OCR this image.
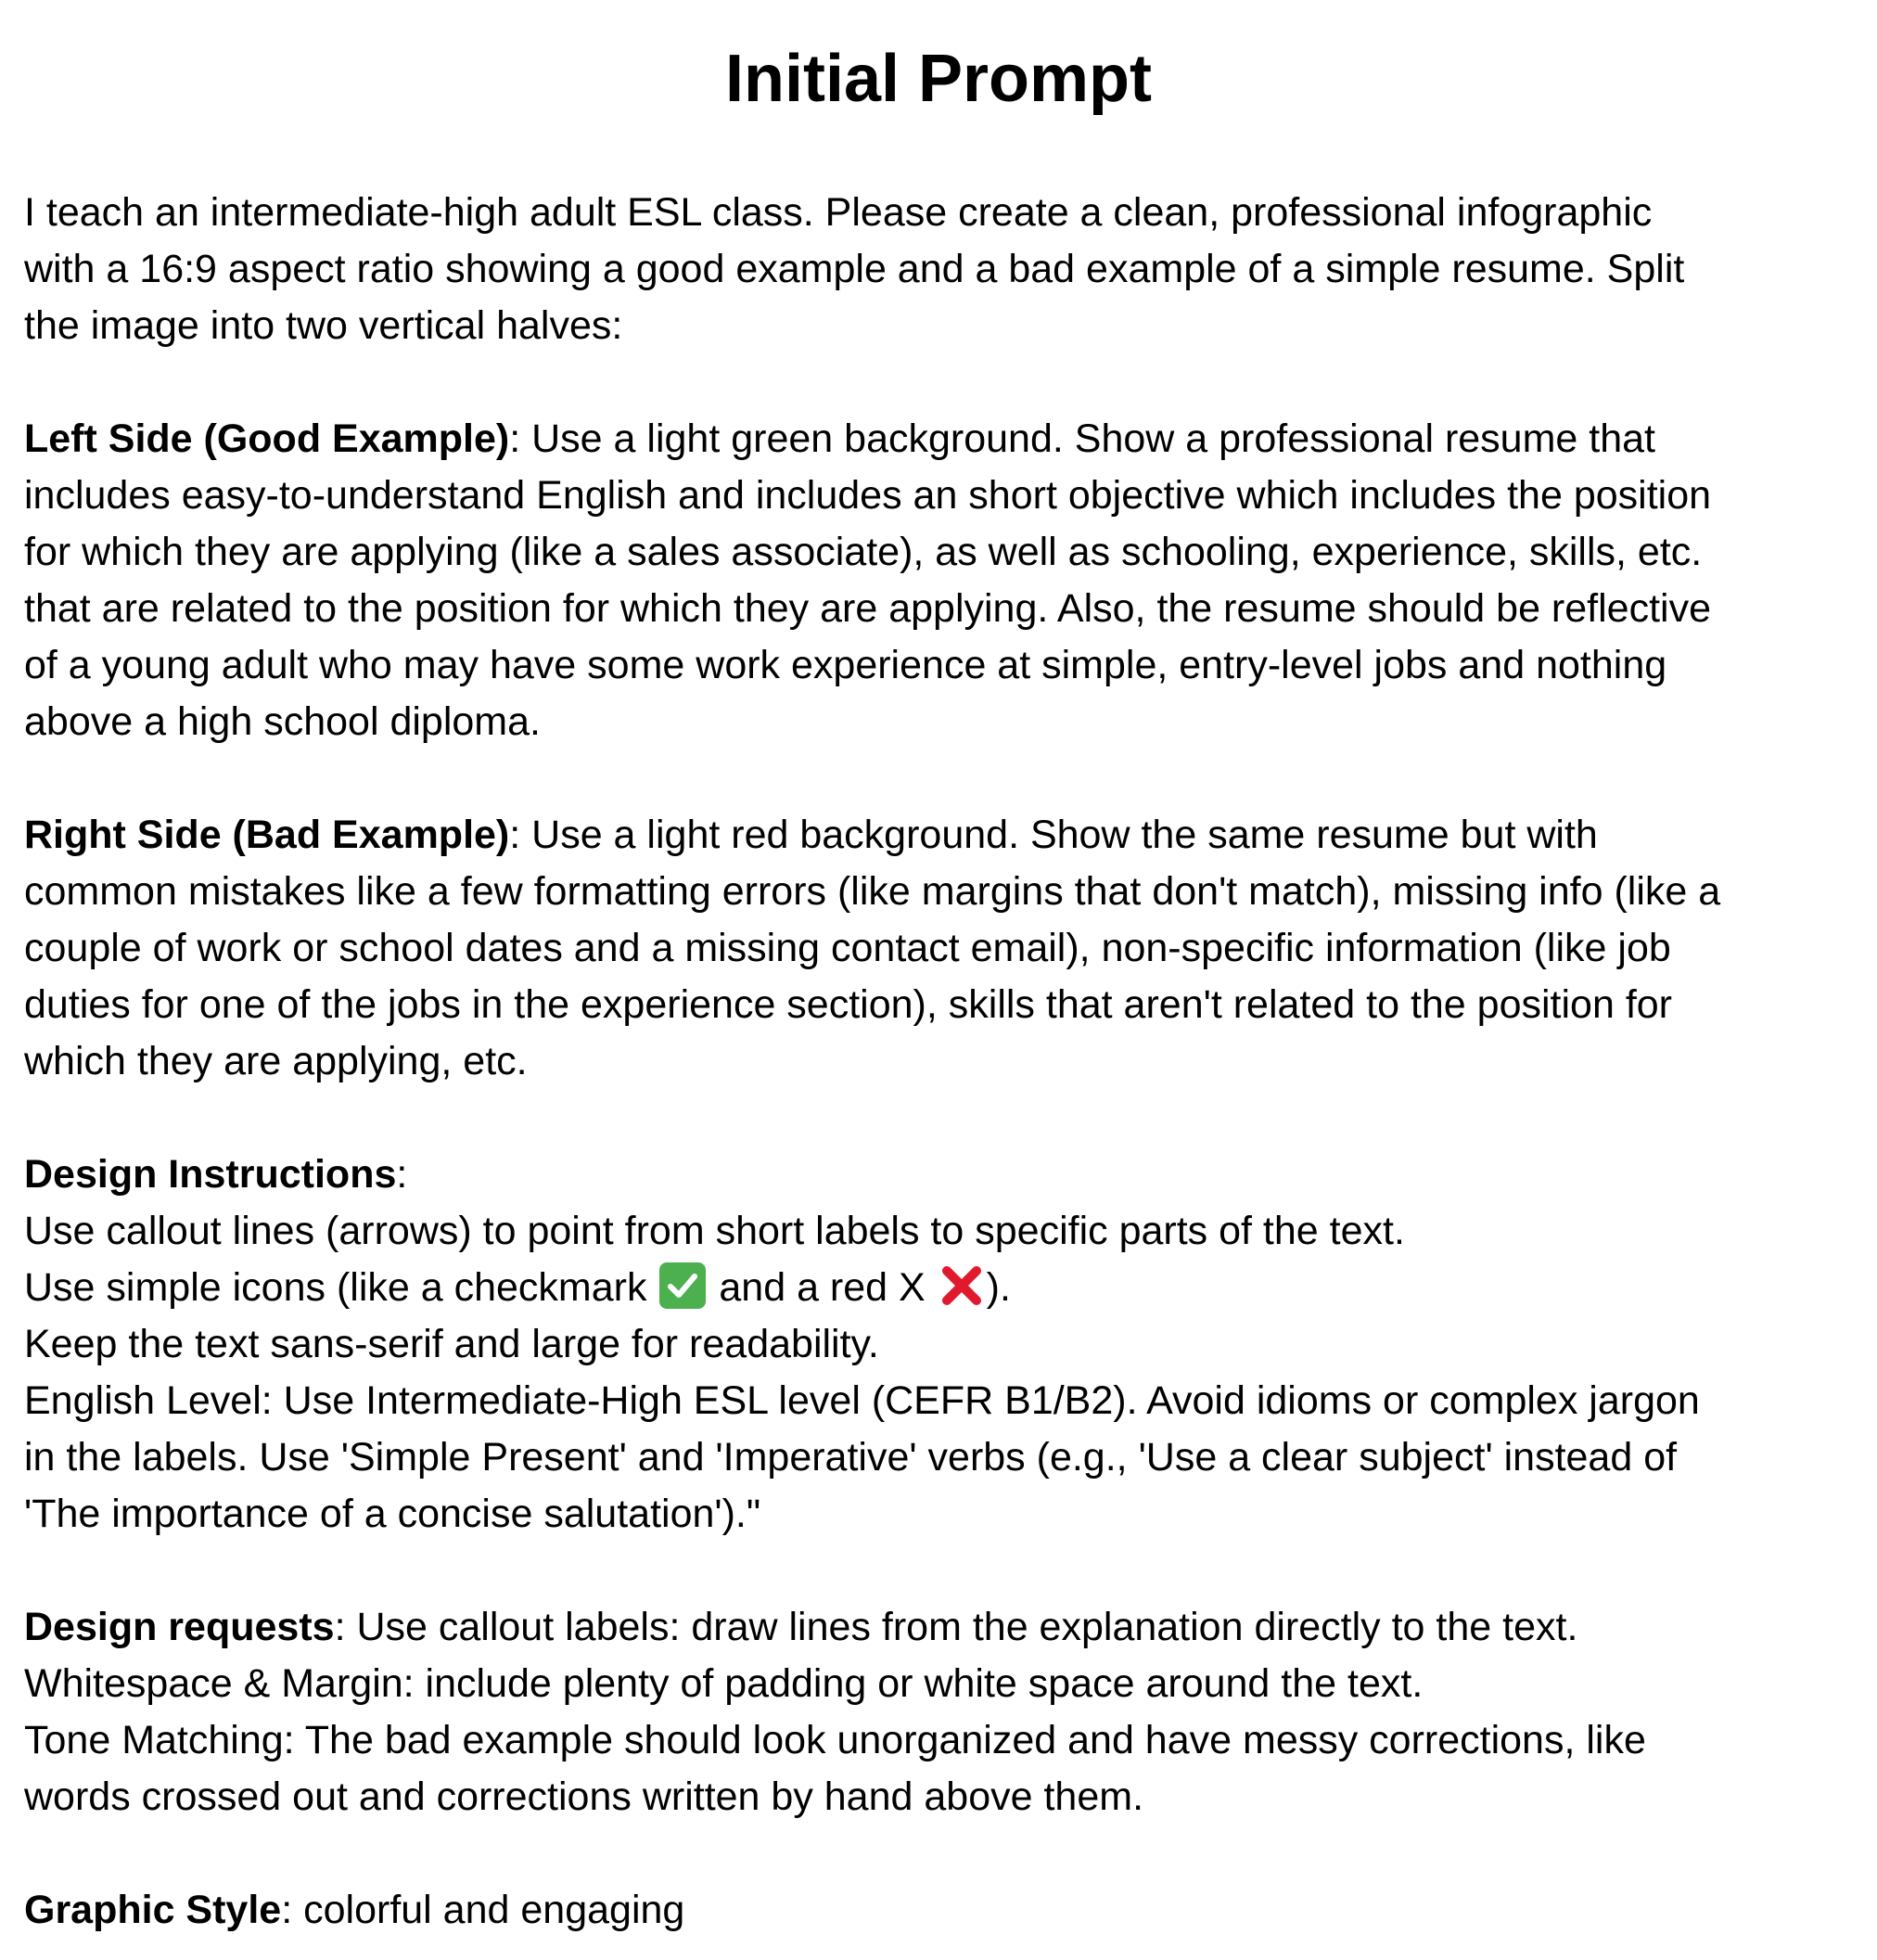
Initial Prompt

I teach an intermediate-high adult ESL class. Please create a clean, professional infographic

with a 16:9 aspect ratio showing a good example and a bad example of a simple resume. Split

the image into two vertical halves:

Left Side (Good Example): Use a light green background. Show a professional resume that

includes easy-to-understand English and includes an short objective which includes the position

for which they are applying (like a sales associate), as well as schooling, experience, skills, etc.

that are related to the position for which they are applying. Also, the resume should be reflective

of a young adult who may have some work experience at simple, entry-level jobs and nothing

above a high school diploma.

Right Side (Bad Example): Use a light red background. Show the same resume but with

common mistakes like a few formatting errors (like margins that don't match), missing info (like a

couple of work or school dates and a missing contact email), non-specific information (like job

duties for one of the jobs in the experience section), skills that aren't related to the position for

which they are applying, etc.

Design Instructions:

Use callout lines (arrows) to point from short labels to specific parts of the text.

Use simple icons (like a checkmark
and a red X
).

Keep the text sans-serif and large for readability.

English Level: Use Intermediate-High ESL level (CEFR B1/B2). Avoid idioms or complex jargon

in the labels. Use 'Simple Present' and 'Imperative' verbs (e.g., 'Use a clear subject' instead of

'The importance of a concise salutation')."

Design requests: Use callout labels: draw lines from the explanation directly to the text.

Whitespace & Margin: include plenty of padding or white space around the text.

Tone Matching: The bad example should look unorganized and have messy corrections, like

words crossed out and corrections written by hand above them.

Graphic Style: colorful and engaging
